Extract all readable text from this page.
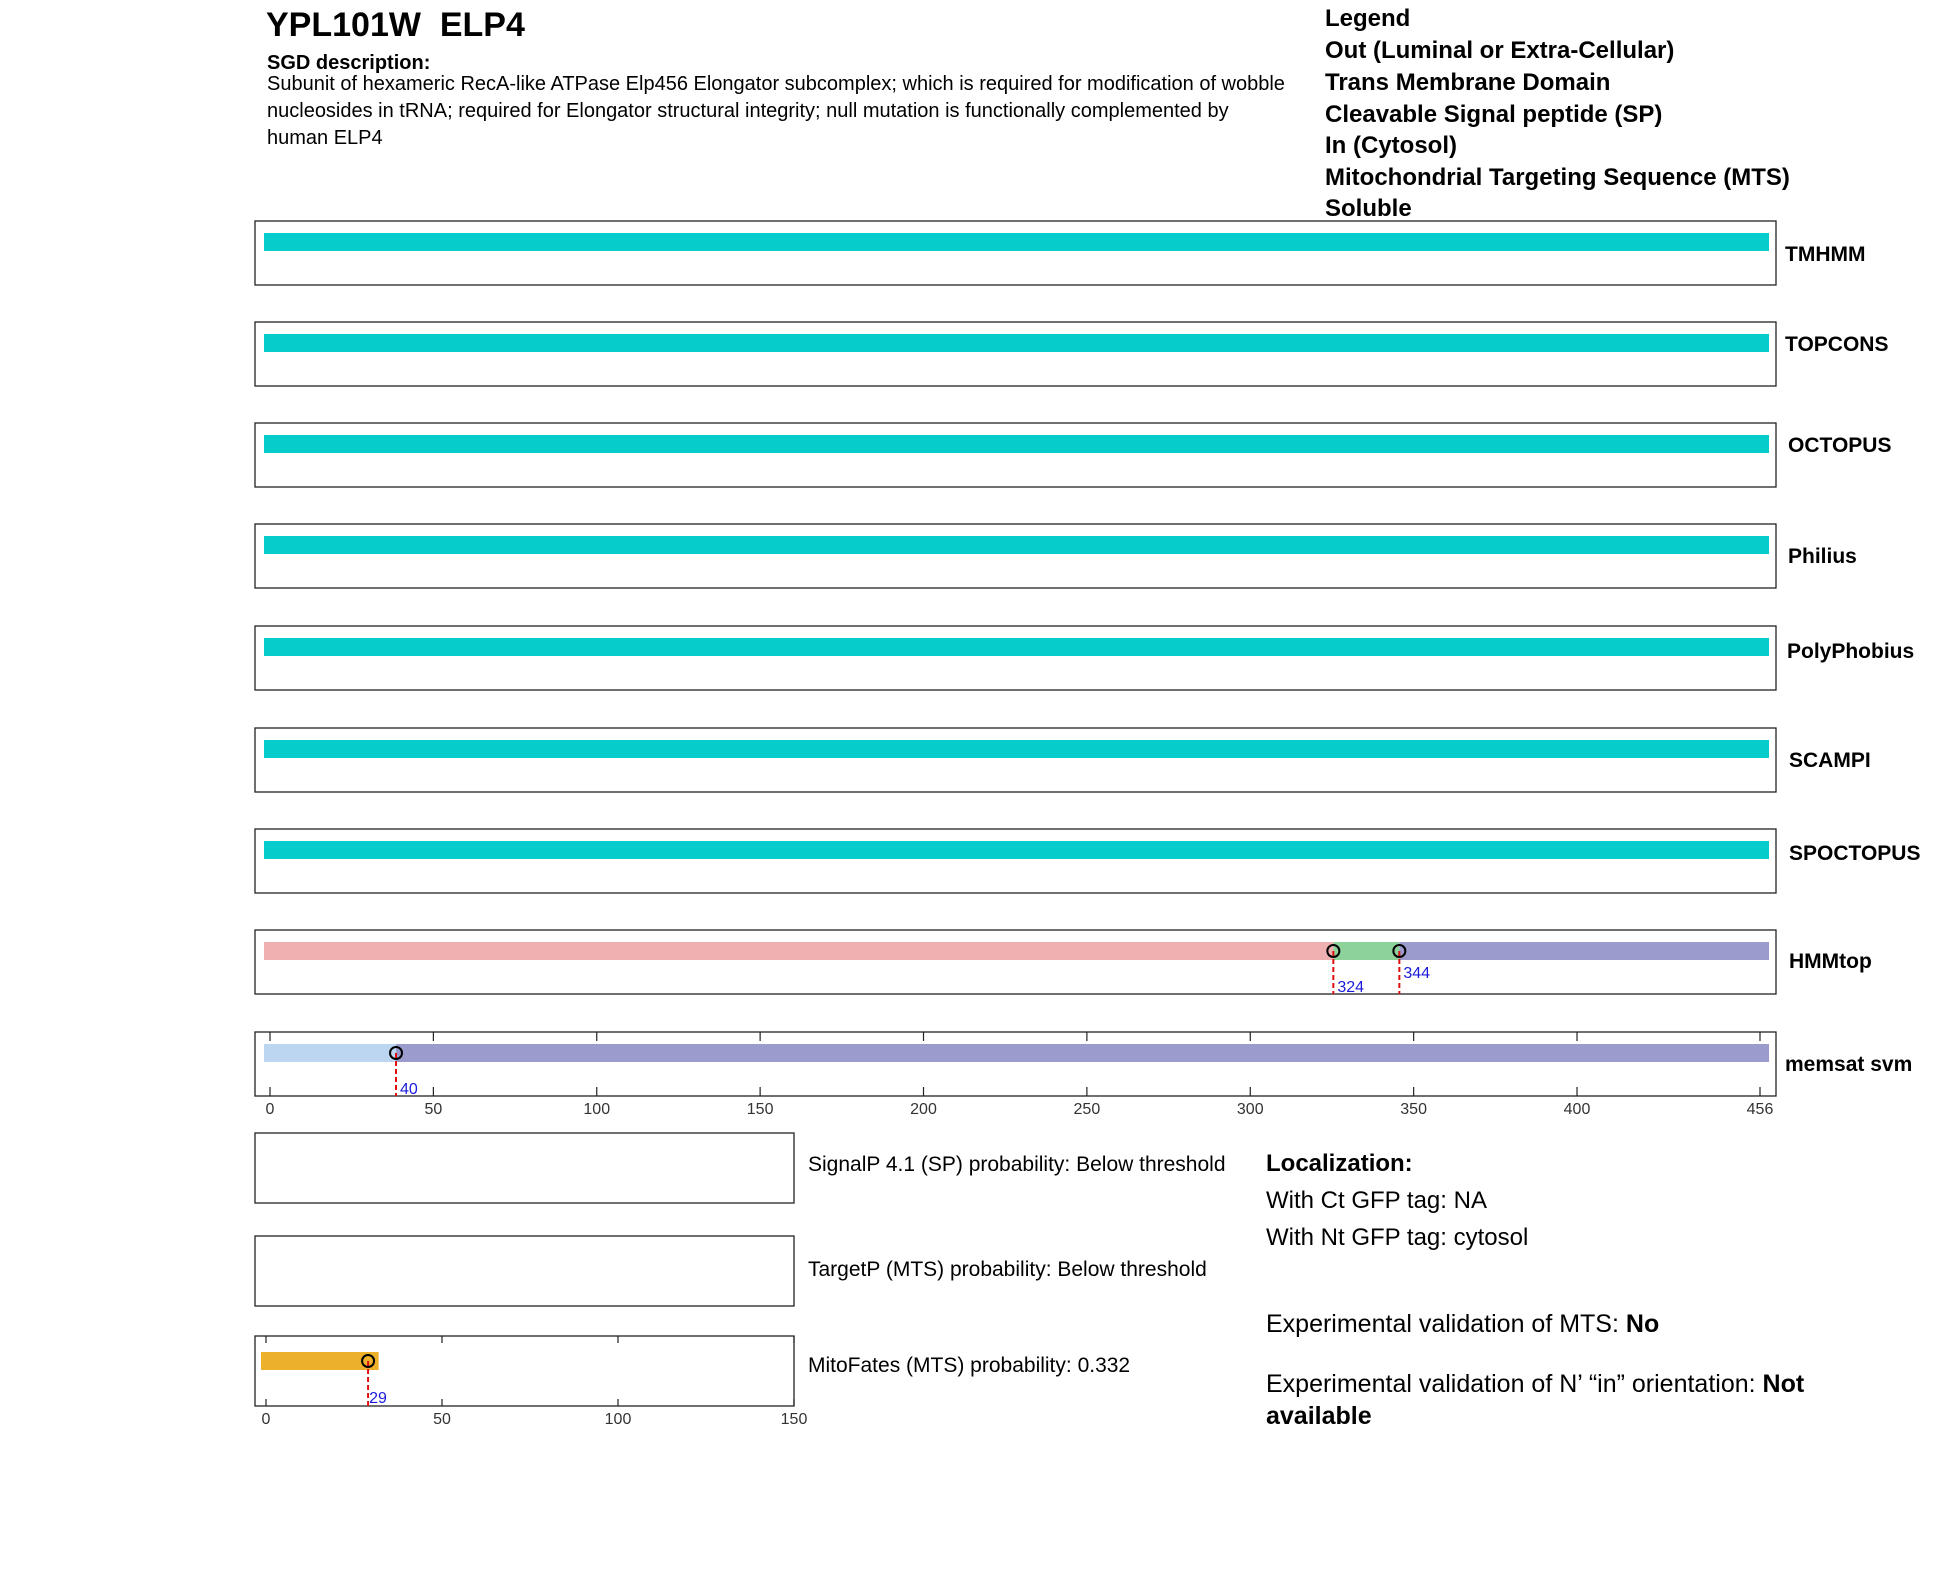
324
344
40
0	50	100	150	200	250	300	350	400	456
29
0	50	100	150
YPL101W ELP4
SGD description:
Subunit of hexameric RecA-like ATPase Elp456 Elongator subcomplex; which is required for modification of wobble nucleosides in tRNA; required for Elongator structural integrity; null mutation is functionally complemented by human ELP4
Legend
Out (Luminal or Extra-Cellular)
Trans Membrane Domain
Cleavable Signal peptide (SP)
In (Cytosol)
Mitochondrial Targeting Sequence (MTS)
Soluble
TMHMM
TOPCONS
OCTOPUS
Philius
PolyPhobius
SCAMPI
SPOCTOPUS
HMMtop
memsat svm
SignalP 4.1 (SP) probability: Below threshold
TargetP (MTS) probability: Below threshold
MitoFates (MTS) probability: 0.332
Localization:
With Ct GFP tag: NA
With Nt GFP tag: cytosol
Experimental validation of MTS: No
Experimental validation of N’ “in” orientation: Not available
